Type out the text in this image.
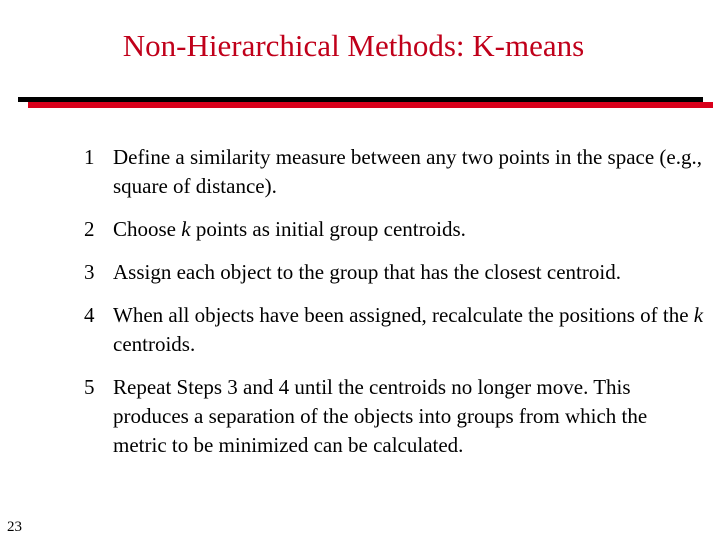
Non-Hierarchical Methods: K-means
1 Define a similarity measure between any two points in the space (e.g., square of distance).
2 Choose k points as initial group centroids.
3 Assign each object to the group that has the closest centroid.
4 When all objects have been assigned, recalculate the positions of the k centroids.
5 Repeat Steps 3 and 4 until the centroids no longer move. This produces a separation of the objects into groups from which the metric to be minimized can be calculated.
23
